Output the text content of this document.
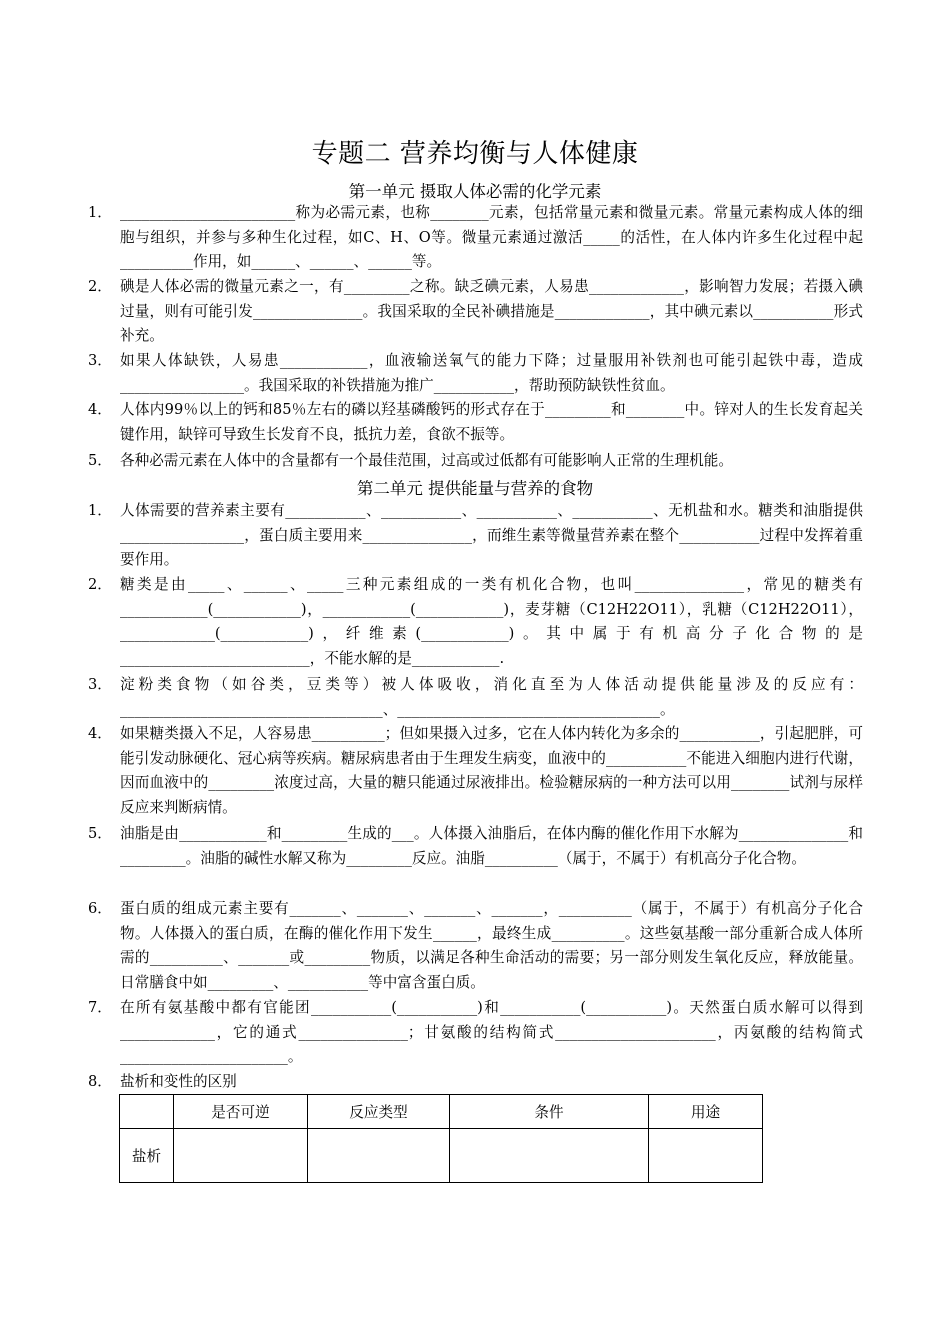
专题二 营养均衡与人体健康
第一单元 摄取人体必需的化学元素
1． ________________________称为必需元素，也称________元素，包括常量元素和微量元素。常量元素构成人体的细胞与组织，并参与多种生化过程，如C、H、O等。微量元素通过激活_____的活性，在人体内许多生化过程中起__________作用，如______、______、______等。
2． 碘是人体必需的微量元素之一，有_________之称。缺乏碘元素，人易患_____________，影响智力发展；若摄入碘过量，则有可能引发_______________。我国采取的全民补碘措施是_____________，其中碘元素以___________形式补充。
3． 如果人体缺铁，人易患____________，血液输送氧气的能力下降；过量服用补铁剂也可能引起铁中毒，造成_________________。我国采取的补铁措施为推广___________，帮助预防缺铁性贫血。
4． 人体内99％以上的钙和85％左右的磷以羟基磷酸钙的形式存在于_________和________中。锌对人的生长发育起关键作用，缺锌可导致生长发育不良，抵抗力差，食欲不振等。
5． 各种必需元素在人体中的含量都有一个最佳范围，过高或过低都有可能影响人正常的生理机能。
第二单元 提供能量与营养的食物
1． 人体需要的营养素主要有___________、___________、___________、___________、无机盐和水。糖类和油脂提供_________________，蛋白质主要用来_______________，而维生素等微量营养素在整个___________过程中发挥着重要作用。
2． 糖类是由_____、______、_____三种元素组成的一类有机化合物，也叫_______________，常见的糖类有____________(____________)，____________(____________)，麦芽糖（C12H22O11），乳糖（C12H22O11），_____________(____________)，纤维素(____________)。其中属于有机高分子化合物的是__________________________，不能水解的是____________.
3． 淀粉类食物（如谷类，豆类等）被人体吸收，消化直至为人体活动提供能量涉及的反应有：____________________________________、____________________________________。
4． 如果糖类摄入不足，人容易患__________；但如果摄入过多，它在人体内转化为多余的___________，引起肥胖，可能引发动脉硬化、冠心病等疾病。糖尿病患者由于生理发生病变，血液中的___________不能进入细胞内进行代谢，因而血液中的_________浓度过高，大量的糖只能通过尿液排出。检验糖尿病的一种方法可以用________试剂与尿样反应来判断病情。
5． 油脂是由____________和_________生成的___。人体摄入油脂后，在体内酶的催化作用下水解为_______________和_________。油脂的碱性水解又称为_________反应。油脂__________（属于，不属于）有机高分子化合物。
6． 蛋白质的组成元素主要有_______、_______、_______、_______，__________（属于，不属于）有机高分子化合物。人体摄入的蛋白质，在酶的催化作用下发生______，最终生成__________。这些氨基酸一部分重新合成人体所需的__________、_______或_________物质，以满足各种生命活动的需要；另一部分则发生氧化反应，释放能量。日常膳食中如_________、___________等中富含蛋白质。
7． 在所有氨基酸中都有官能团___________(___________)和___________(___________)。天然蛋白质水解可以得到_____________，它的通式_______________；甘氨酸的结构简式______________________，丙氨酸的结构简式_______________________。
8． 盐析和变性的区别
	是否可逆	反应类型	条件	用途
盐析				
